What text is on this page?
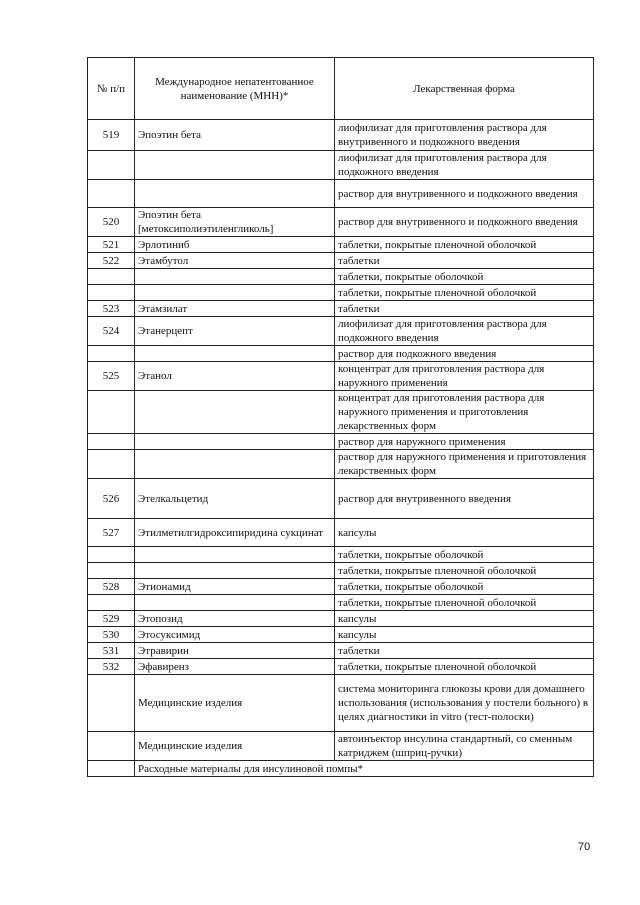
№ п/п	Международное непатентованное наименование (МНН)*	Лекарственная форма
519	Эпоэтин бета	лиофилизат для приготовления раствора для внутривенного и подкожного введения
		лиофилизат для приготовления раствора для подкожного введения
		раствор для внутривенного и подкожного введения
520	Эпоэтин бета [метоксиполиэтиленгликоль]	раствор для внутривенного и подкожного введения
521	Эрлотиниб	таблетки, покрытые пленочной оболочкой
522	Этамбутол	таблетки
		таблетки, покрытые оболочкой
		таблетки, покрытые пленочной оболочкой
523	Этамзилат	таблетки
524	Этанерцепт	лиофилизат для приготовления раствора для подкожного введения
		раствор для подкожного введения
525	Этанол	концентрат для приготовления раствора для наружного применения
		концентрат для приготовления раствора для наружного применения и приготовления лекарственных форм
		раствор для наружного применения
		раствор для наружного применения и приготовления лекарственных форм
526	Этелкальцетид	раствор для внутривенного введения
527	Этилметилгидроксипиридина сукцинат	капсулы
		таблетки, покрытые оболочкой
		таблетки, покрытые пленочной оболочкой
528	Этионамид	таблетки, покрытые оболочкой
		таблетки, покрытые пленочной оболочкой
529	Этопозид	капсулы
530	Этосуксимид	капсулы
531	Этравирин	таблетки
532	Эфавиренз	таблетки, покрытые пленочной оболочкой
	Медицинские изделия	система мониторинга глюкозы крови для домашнего использования (использования у постели больного) в целях диагностики in vitro (тест-полоски)
	Медицинские изделия	автоинъектор инсулина стандартный, со сменным катриджем (шприц-ручки)
	Расходные материалы для инсулиновой помпы*	
70
